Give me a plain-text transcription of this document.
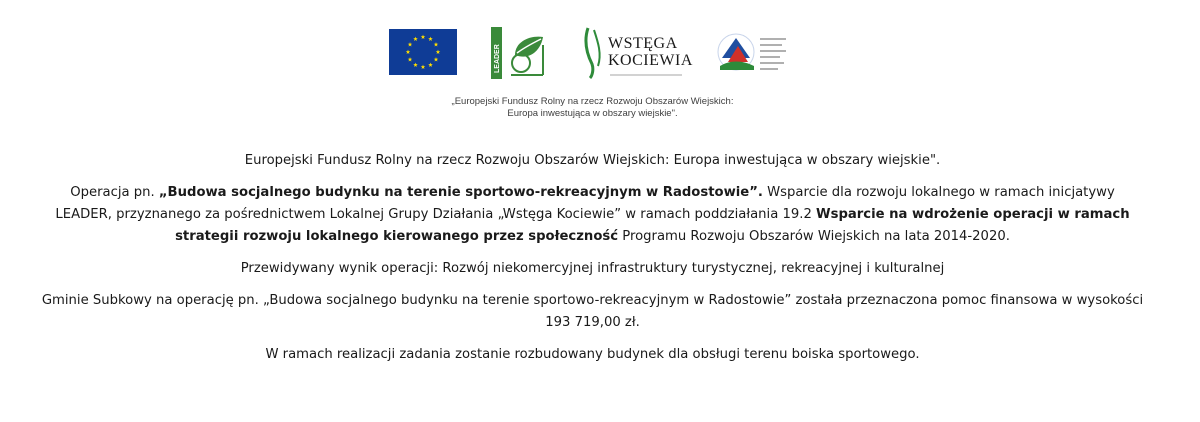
LEADER
WSTĘGA
KOCIEWIA
„Europejski Fundusz Rolny na rzecz Rozwoju Obszarów Wiejskich:
Europa inwestująca w obszary wiejskie".

Europejski Fundusz Rolny na rzecz Rozwoju Obszarów Wiejskich: Europa inwestująca w obszary wiejskie".

Operacja pn. „Budowa socjalnego budynku na terenie sportowo-rekreacyjnym w Radostowie”. Wsparcie dla rozwoju lokalnego w ramach inicjatywy LEADER, przyznanego za pośrednictwem Lokalnej Grupy Działania „Wstęga Kociewie” w ramach poddziałania 19.2 Wsparcie na wdrożenie operacji w ramach strategii rozwoju lokalnego kierowanego przez społeczność Programu Rozwoju Obszarów Wiejskich na lata 2014-2020.

Przewidywany wynik operacji: Rozwój niekomercyjnej infrastruktury turystycznej, rekreacyjnej i kulturalnej

Gminie Subkowy na operację pn. „Budowa socjalnego budynku na terenie sportowo-rekreacyjnym w Radostowie” została przeznaczona pomoc finansowa w wysokości 193 719,00 zł.

W ramach realizacji zadania zostanie rozbudowany budynek dla obsługi terenu boiska sportowego.
